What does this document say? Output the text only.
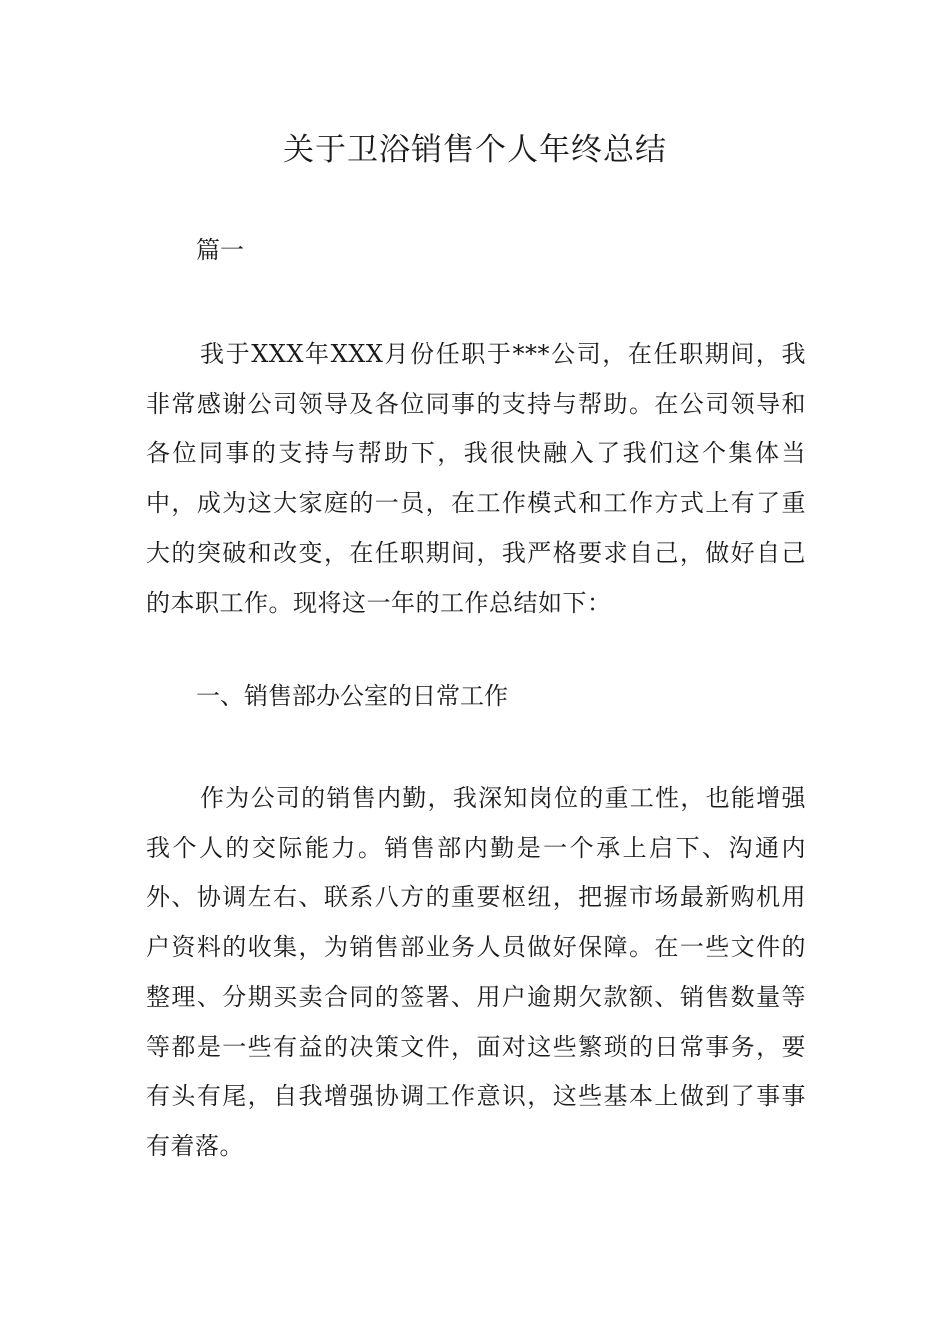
关于卫浴销售个人年终总结

篇一

我于XXX年XXX月份任职于***公司，在任职期间，我非常感谢公司领导及各位同事的支持与帮助。在公司领导和各位同事的支持与帮助下，我很快融入了我们这个集体当中，成为这大家庭的一员，在工作模式和工作方式上有了重大的突破和改变，在任职期间，我严格要求自己，做好自己的本职工作。现将这一年的工作总结如下：

一、销售部办公室的日常工作

作为公司的销售内勤，我深知岗位的重工性，也能增强我个人的交际能力。销售部内勤是一个承上启下、沟通内外、协调左右、联系八方的重要枢纽，把握市场最新购机用户资料的收集，为销售部业务人员做好保障。在一些文件的整理、分期买卖合同的签署、用户逾期欠款额、销售数量等等都是一些有益的决策文件，面对这些繁琐的日常事务，要有头有尾，自我增强协调工作意识，这些基本上做到了事事有着落。
